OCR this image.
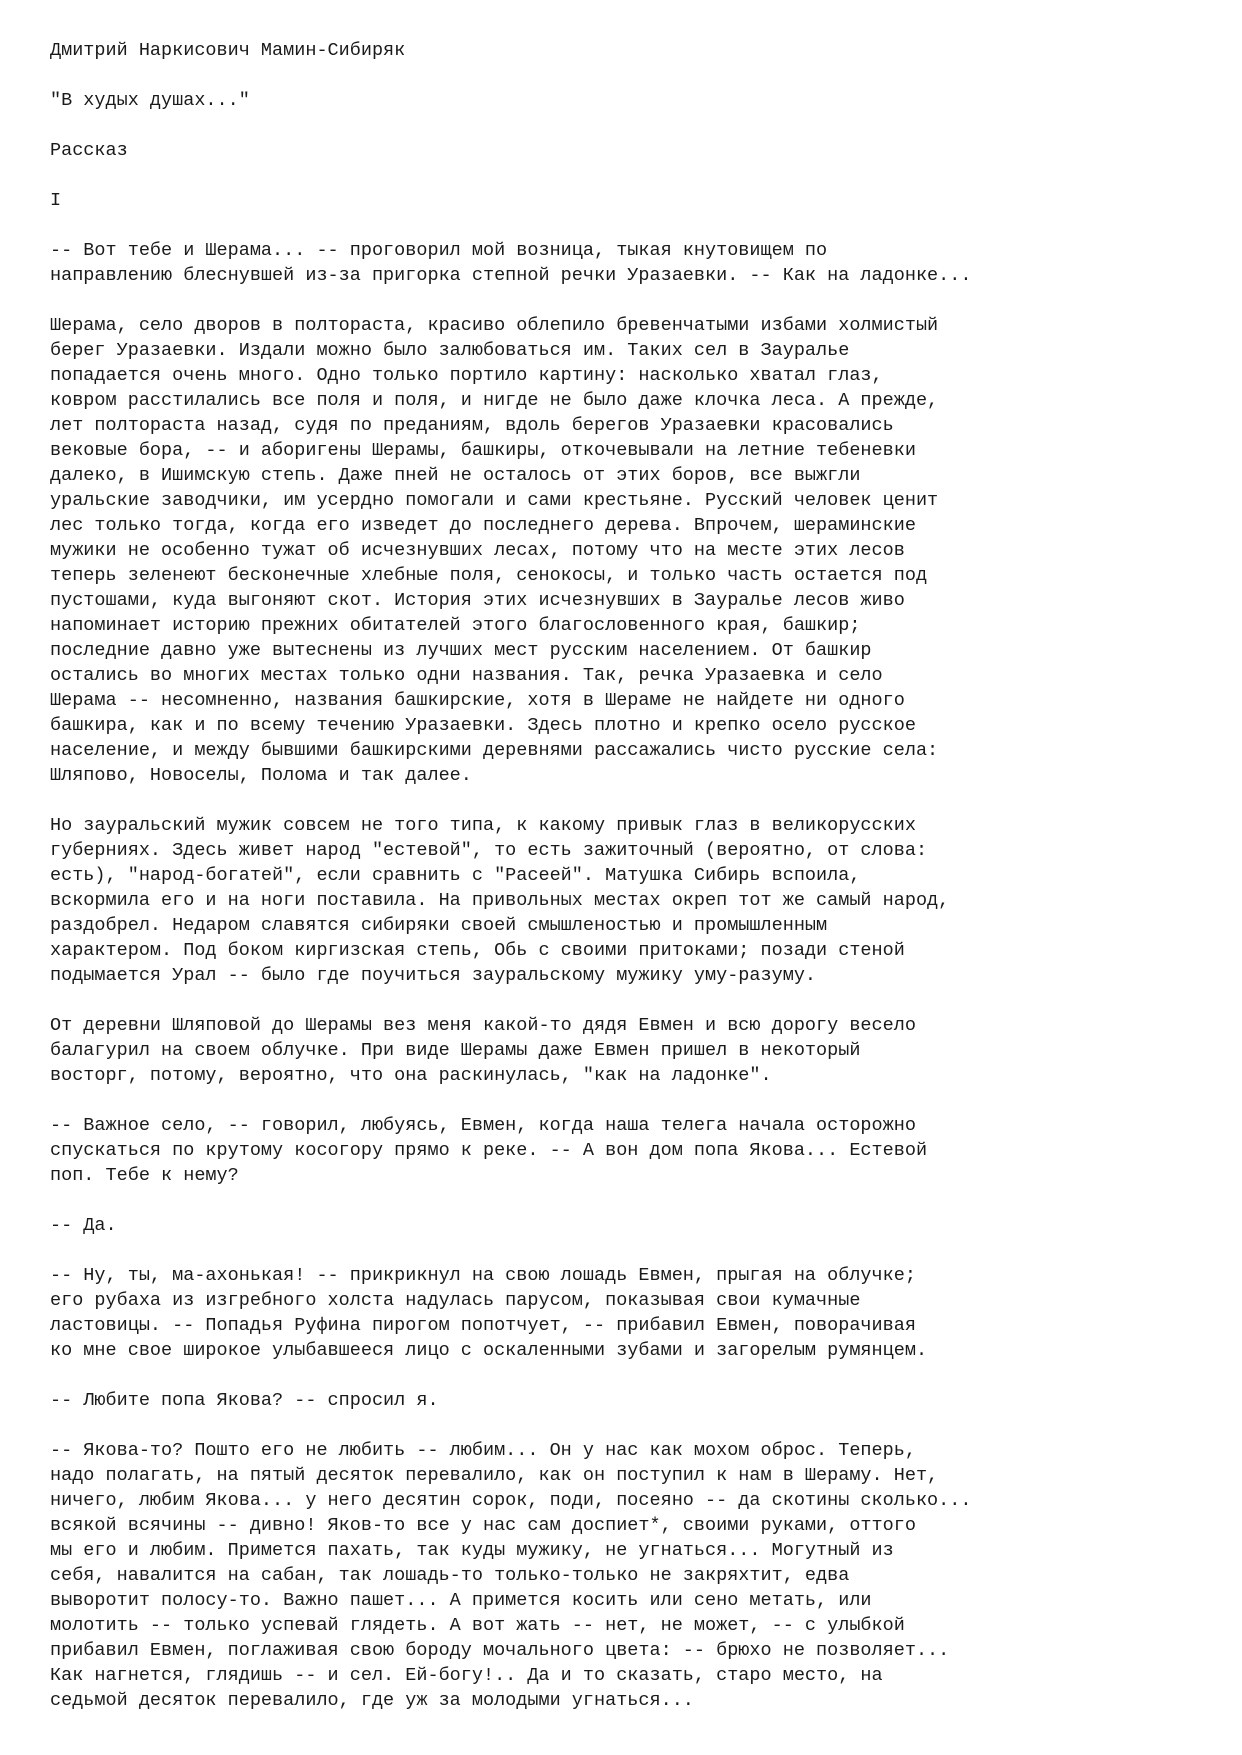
Дмитрий Наркисович Мамин-Сибиряк
"В худых душах..."
Рассказ
I
-- Вот тебе и Шерама... -- проговорил мой возница, тыкая кнутовищем по
направлению блеснувшей из-за пригорка степной речки Уразаевки. -- Как на ладонке...
Шерама, село дворов в полтораста, красиво облепило бревенчатыми избами холмистый
берег Уразаевки. Издали можно было залюбоваться им. Таких сел в Зауралье
попадается очень много. Одно только портило картину: насколько хватал глаз,
ковром расстилались все поля и поля, и нигде не было даже клочка леса. А прежде,
лет полтораста назад, судя по преданиям, вдоль берегов Уразаевки красовались
вековые бора, -- и аборигены Шерамы, башкиры, откочевывали на летние тебеневки
далеко, в Ишимскую степь. Даже пней не осталось от этих боров, все выжгли
уральские заводчики, им усердно помогали и сами крестьяне. Русский человек ценит
лес только тогда, когда его изведет до последнего дерева. Впрочем, шераминские
мужики не особенно тужат об исчезнувших лесах, потому что на месте этих лесов
теперь зеленеют бесконечные хлебные поля, сенокосы, и только часть остается под
пустошами, куда выгоняют скот. История этих исчезнувших в Зауралье лесов живо
напоминает историю прежних обитателей этого благословенного края, башкир;
последние давно уже вытеснены из лучших мест русским населением. От башкир
остались во многих местах только одни названия. Так, речка Уразаевка и село
Шерама -- несомненно, названия башкирские, хотя в Шераме не найдете ни одного
башкира, как и по всему течению Уразаевки. Здесь плотно и крепко осело русское
население, и между бывшими башкирскими деревнями рассажались чисто русские села:
Шляпово, Новоселы, Полома и так далее.
Но зауральский мужик совсем не того типа, к какому привык глаз в великорусских
губерниях. Здесь живет народ "естевой", то есть зажиточный (вероятно, от слова:
есть), "народ-богатей", если сравнить с "Расеей". Матушка Сибирь вспоила,
вскормила его и на ноги поставила. На привольных местах окреп тот же самый народ,
раздобрел. Недаром славятся сибиряки своей смышленостью и промышленным
характером. Под боком киргизская степь, Обь с своими притоками; позади стеной
подымается Урал -- было где поучиться зауральскому мужику уму-разуму.
От деревни Шляповой до Шерамы вез меня какой-то дядя Евмен и всю дорогу весело
балагурил на своем облучке. При виде Шерамы даже Евмен пришел в некоторый
восторг, потому, вероятно, что она раскинулась, "как на ладонке".
-- Важное село, -- говорил, любуясь, Евмен, когда наша телега начала осторожно
спускаться по крутому косогору прямо к реке. -- А вон дом попа Якова... Естевой
поп. Тебе к нему?
-- Да.
-- Ну, ты, ма-ахонькая! -- прикрикнул на свою лошадь Евмен, прыгая на облучке;
его рубаха из изгребного холста надулась парусом, показывая свои кумачные
ластовицы. -- Попадья Руфина пирогом попотчует, -- прибавил Евмен, поворачивая
ко мне свое широкое улыбавшееся лицо с оскаленными зубами и загорелым румянцем.
-- Любите попа Якова? -- спросил я.
-- Якова-то? Пошто его не любить -- любим... Он у нас как мохом оброс. Теперь,
надо полагать, на пятый десяток перевалило, как он поступил к нам в Шераму. Нет,
ничего, любим Якова... у него десятин сорок, поди, посеяно -- да скотины сколько...
всякой всячины -- дивно! Яков-то все у нас сам доспиет*, своими руками, оттого
мы его и любим. Примется пахать, так куды мужику, не угнаться... Могутный из
себя, навалится на сабан, так лошадь-то только-только не закряхтит, едва
выворотит полосу-то. Важно пашет... А примется косить или сено метать, или
молотить -- только успевай глядеть. А вот жать -- нет, не может, -- с улыбкой
прибавил Евмен, поглаживая свою бороду мочального цвета: -- брюхо не позволяет...
Как нагнется, глядишь -- и сел. Ей-богу!.. Да и то сказать, старо место, на
седьмой десяток перевалило, где уж за молодыми угнаться...
